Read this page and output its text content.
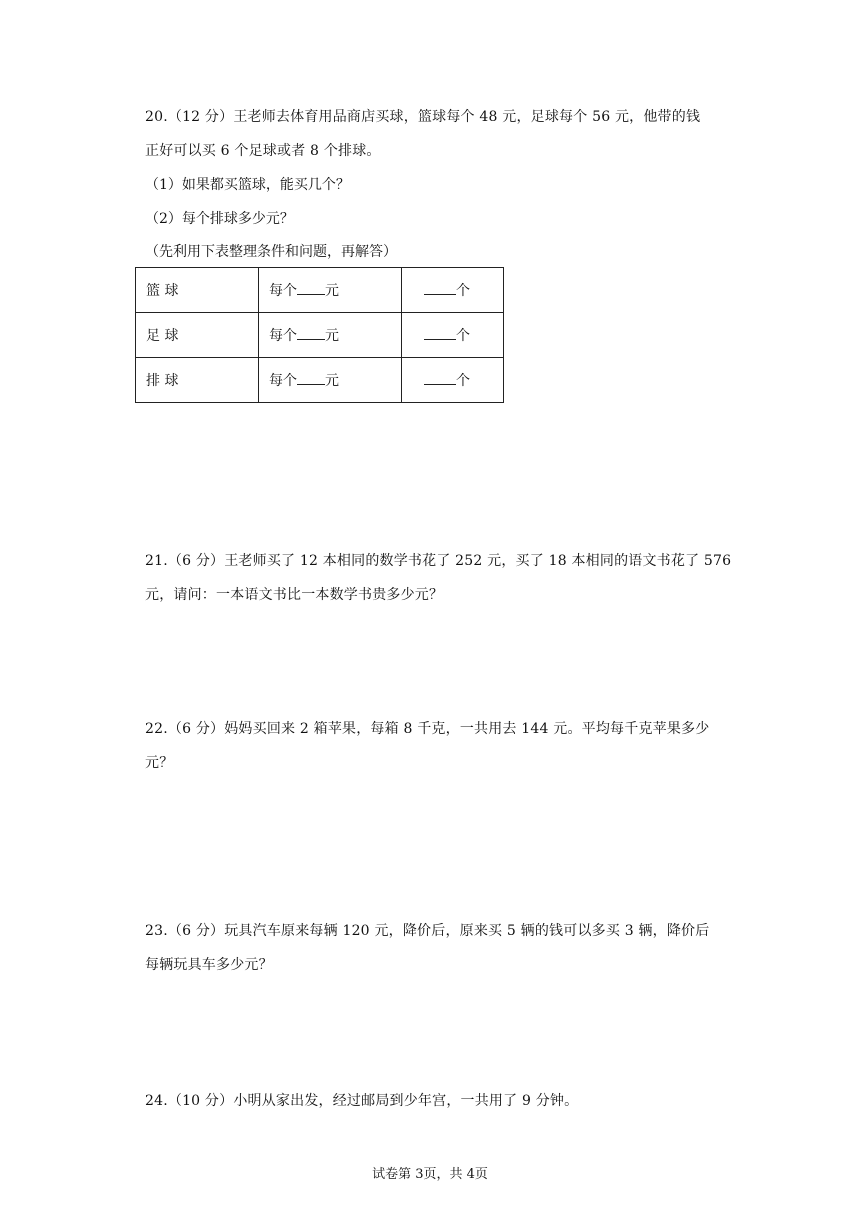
20.（12 分）王老师去体育用品商店买球，篮球每个 48 元，足球每个 56 元，他带的钱
正好可以买 6 个足球或者 8 个排球。
（1）如果都买篮球，能买几个？
（2）每个排球多少元？
（先利用下表整理条件和问题，再解答）
篮 球	每个 元	个
足 球	每个 元	个
排 球	每个 元	个
21.（6 分）王老师买了 12 本相同的数学书花了 252 元，买了 18 本相同的语文书花了 576
元，请问：一本语文书比一本数学书贵多少元？
22.（6 分）妈妈买回来 2 箱苹果，每箱 8 千克，一共用去 144 元。平均每千克苹果多少
元？
23.（6 分）玩具汽车原来每辆 120 元，降价后，原来买 5 辆的钱可以多买 3 辆，降价后
每辆玩具车多少元？
24.（10 分）小明从家出发，经过邮局到少年宫，一共用了 9 分钟。
试卷第 3页，共 4页
